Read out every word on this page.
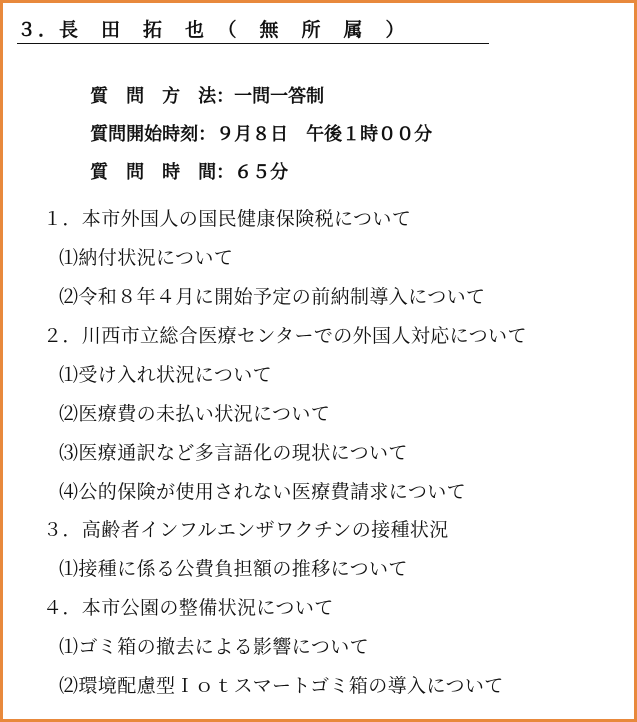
３．長　田　拓　也　（　無　所　属　）

質　問　方　法：一問一答制

質問開始時刻：９月８日　午後１時００分

質　問　時　間：６５分

１．本市外国人の国民健康保険税について
⑴納付状況について
⑵令和８年４月に開始予定の前納制導入について
２．川西市立総合医療センターでの外国人対応について
⑴受け入れ状況について
⑵医療費の未払い状況について
⑶医療通訳など多言語化の現状について
⑷公的保険が使用されない医療費請求について
３．高齢者インフルエンザワクチンの接種状況
⑴接種に係る公費負担額の推移について
４．本市公園の整備状況について
⑴ゴミ箱の撤去による影響について
⑵環境配慮型Ｉｏｔスマートゴミ箱の導入について
